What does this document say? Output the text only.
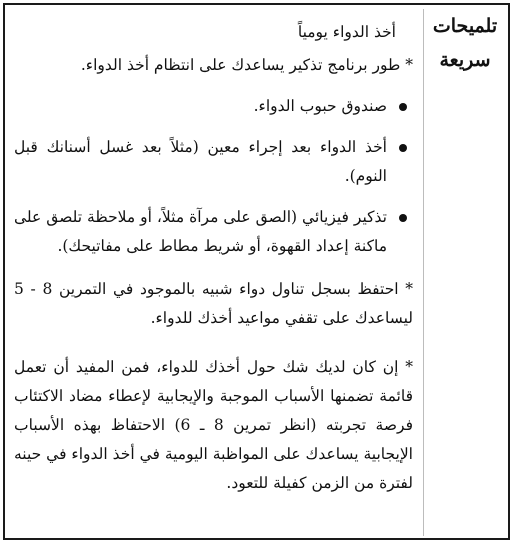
تلميحات سريعة
أخذ الدواء يومياً

* طور برنامج تذكير يساعدك على انتظام أخذ الدواء.

صندوق حبوب الدواء.
أخذ الدواء بعد إجراء معين (مثلاً بعد غسل أسنانك قبل النوم).
تذكير فيزيائي (الصق على مرآة مثلاً، أو ملاحظة تلصق على ماكنة إعداد القهوة، أو شريط مطاط على مفاتيحك).

* احتفظ بسجل تناول دواء شبيه بالموجود في التمرين 8 - 5 ليساعدك على تقفي مواعيد أخذك للدواء.

* إن كان لديك شك حول أخذك للدواء، فمن المفيد أن تعمل قائمة تضمنها الأسباب الموجبة والإيجابية لإعطاء مضاد الاكتئاب فرصة تجربته (انظر تمرين 8 ـ 6) الاحتفاظ بهذه الأسباب الإيجابية يساعدك على المواظبة اليومية في أخذ الدواء في حينه لفترة من الزمن كفيلة للتعود.
